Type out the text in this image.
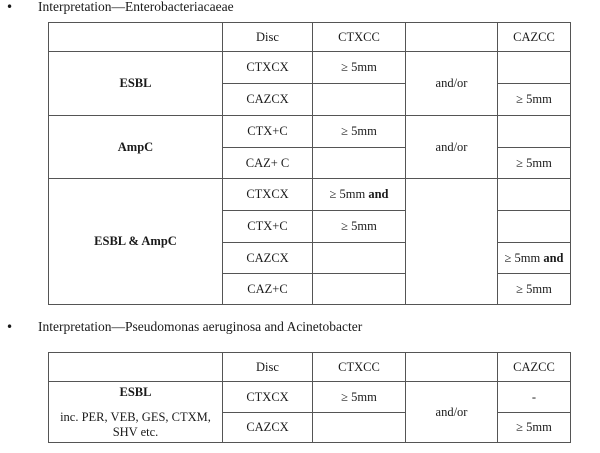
• Interpretation—Enterobacteriacaeae
	Disc	CTXCC		CAZCC
ESBL	CTXCX	≥ 5mm	and/or	
	CAZCX			≥ 5mm
AmpC	CTX+C	≥ 5mm	and/or	
	CAZ+ C			≥ 5mm
ESBL & AmpC	CTXCX	≥ 5mm and		
	CTX+C	≥ 5mm		
	CAZCX			≥ 5mm and
	CAZ+C			≥ 5mm
• Interpretation—Pseudomonas aeruginosa and Acinetobacter
	Disc	CTXCC		CAZCC
ESBL
inc. PER, VEB, GES, CTXM, SHV etc.	CTXCX	≥ 5mm	and/or	-
	CAZCX			≥ 5mm
